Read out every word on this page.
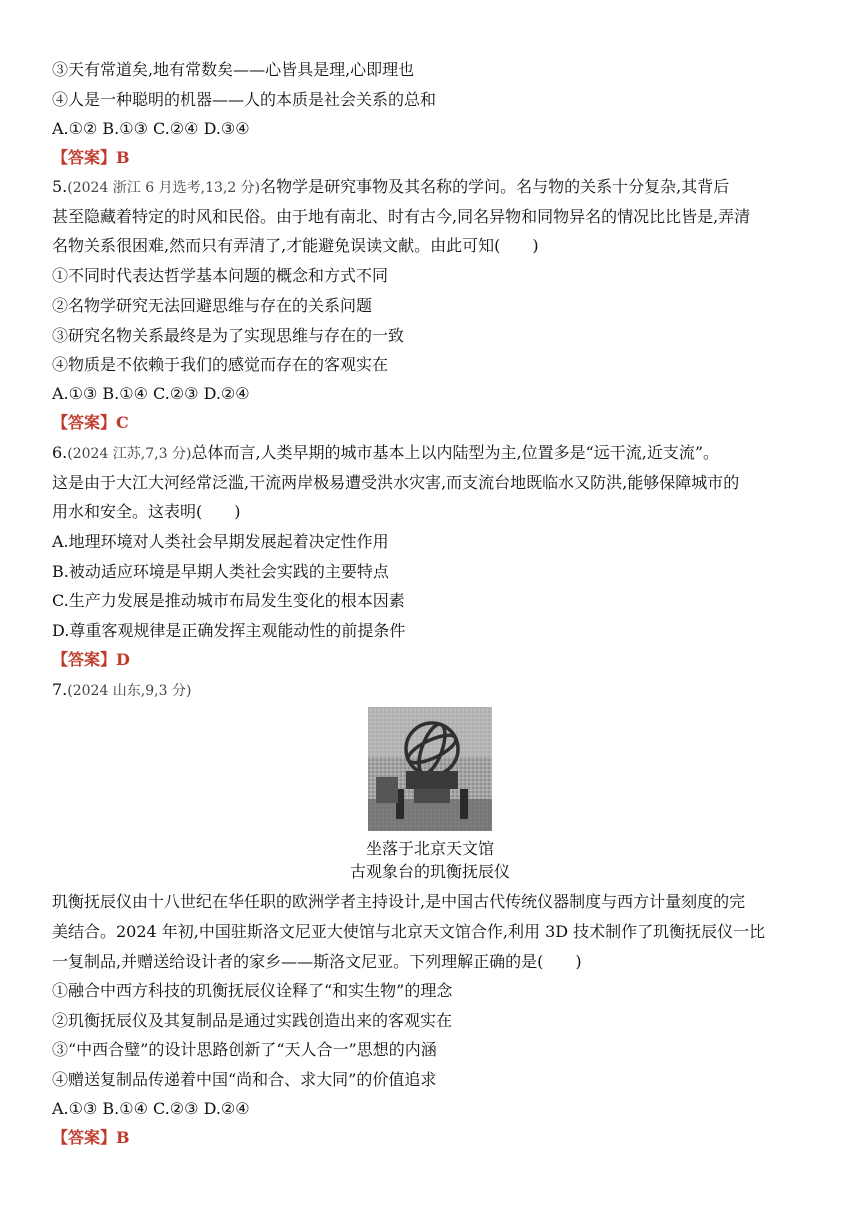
③天有常道矣,地有常数矣——心皆具是理,心即理也
④人是一种聪明的机器——人的本质是社会关系的总和
A.①② B.①③ C.②④ D.③④
【答案】B
5.(2024 浙江 6 月选考,13,2 分)名物学是研究事物及其名称的学问。名与物的关系十分复杂,其背后
甚至隐藏着特定的时风和民俗。由于地有南北、时有古今,同名异物和同物异名的情况比比皆是,弄清
名物关系很困难,然而只有弄清了,才能避免误读文献。由此可知(　　)
①不同时代表达哲学基本问题的概念和方式不同
②名物学研究无法回避思维与存在的关系问题
③研究名物关系最终是为了实现思维与存在的一致
④物质是不依赖于我们的感觉而存在的客观实在
A.①③ B.①④ C.②③ D.②④
【答案】C
6.(2024 江苏,7,3 分)总体而言,人类早期的城市基本上以内陆型为主,位置多是“远干流,近支流”。
这是由于大江大河经常泛滥,干流两岸极易遭受洪水灾害,而支流台地既临水又防洪,能够保障城市的
用水和安全。这表明(　　)
A.地理环境对人类社会早期发展起着决定性作用
B.被动适应环境是早期人类社会实践的主要特点
C.生产力发展是推动城市布局发生变化的根本因素
D.尊重客观规律是正确发挥主观能动性的前提条件
【答案】D
7.(2024 山东,9,3 分)
坐落于北京天文馆
古观象台的玑衡抚辰仪
玑衡抚辰仪由十八世纪在华任职的欧洲学者主持设计,是中国古代传统仪器制度与西方计量刻度的完
美结合。2024 年初,中国驻斯洛文尼亚大使馆与北京天文馆合作,利用 3D 技术制作了玑衡抚辰仪一比
一复制品,并赠送给设计者的家乡——斯洛文尼亚。下列理解正确的是(　　)
①融合中西方科技的玑衡抚辰仪诠释了“和实生物”的理念
②玑衡抚辰仪及其复制品是通过实践创造出来的客观实在
③“中西合璧”的设计思路创新了“天人合一”思想的内涵
④赠送复制品传递着中国“尚和合、求大同”的价值追求
A.①③ B.①④ C.②③ D.②④
【答案】B
